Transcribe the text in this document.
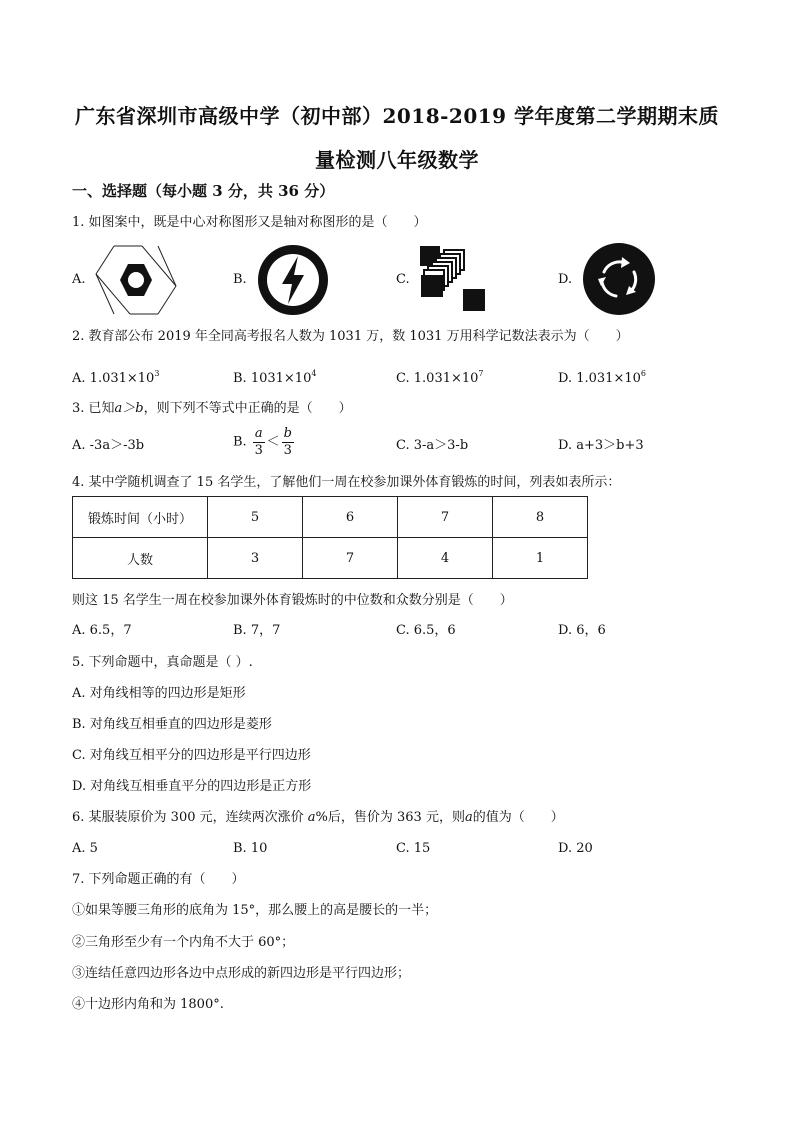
广东省深圳市高级中学（初中部）2018-2019 学年度第二学期期末质
量检测八年级数学
一、选择题（每小题 3 分，共 36 分）
1. 如图案中，既是中心对称图形又是轴对称图形的是（　　）
A.	B.	C.	D.
2. 教育部公布 2019 年全同高考报名人数为 1031 万，数 1031 万用科学记数法表示为（　　）
A. $1.031\times 10^3$	B. $1031\times 10^4$	C. $1.031\times 10^7$	D. $1.031\times 10^6$
3. 已知a＞b，则下列不等式中正确的是（　　）
A. ‐3a＞‐3b	B. $\frac{a}{3} < \frac{b}{3}$	C. 3‐a＞3‐b	D. a+3＞b+3
4. 某中学随机调查了 15 名学生，了解他们一周在校参加课外体育锻炼的时间，列表如表所示：
锻炼时间（小时）	5	6	7	8
人数	3	7	4	1
则这 15 名学生一周在校参加课外体育锻炼时的中位数和众数分别是（　　）
A. 6.5，7	B. 7，7	C. 6.5，6	D. 6，6
5. 下列命题中，真命题是（ ）.
A. 对角线相等的四边形是矩形
B. 对角线互相垂直的四边形是菱形
C. 对角线互相平分的四边形是平行四边形
D. 对角线互相垂直平分的四边形是正方形
6. 某服装原价为 300 元，连续两次涨价 a%后，售价为 363 元，则a的值为（　　）
A. 5	B. 10	C. 15	D. 20
7. 下列命题正确的有（　　）
①如果等腰三角形的底角为 15°，那么腰上的高是腰长的一半；
②三角形至少有一个内角不大于 60°；
③连结任意四边形各边中点形成的新四边形是平行四边形；
④十边形内角和为 1800°.
